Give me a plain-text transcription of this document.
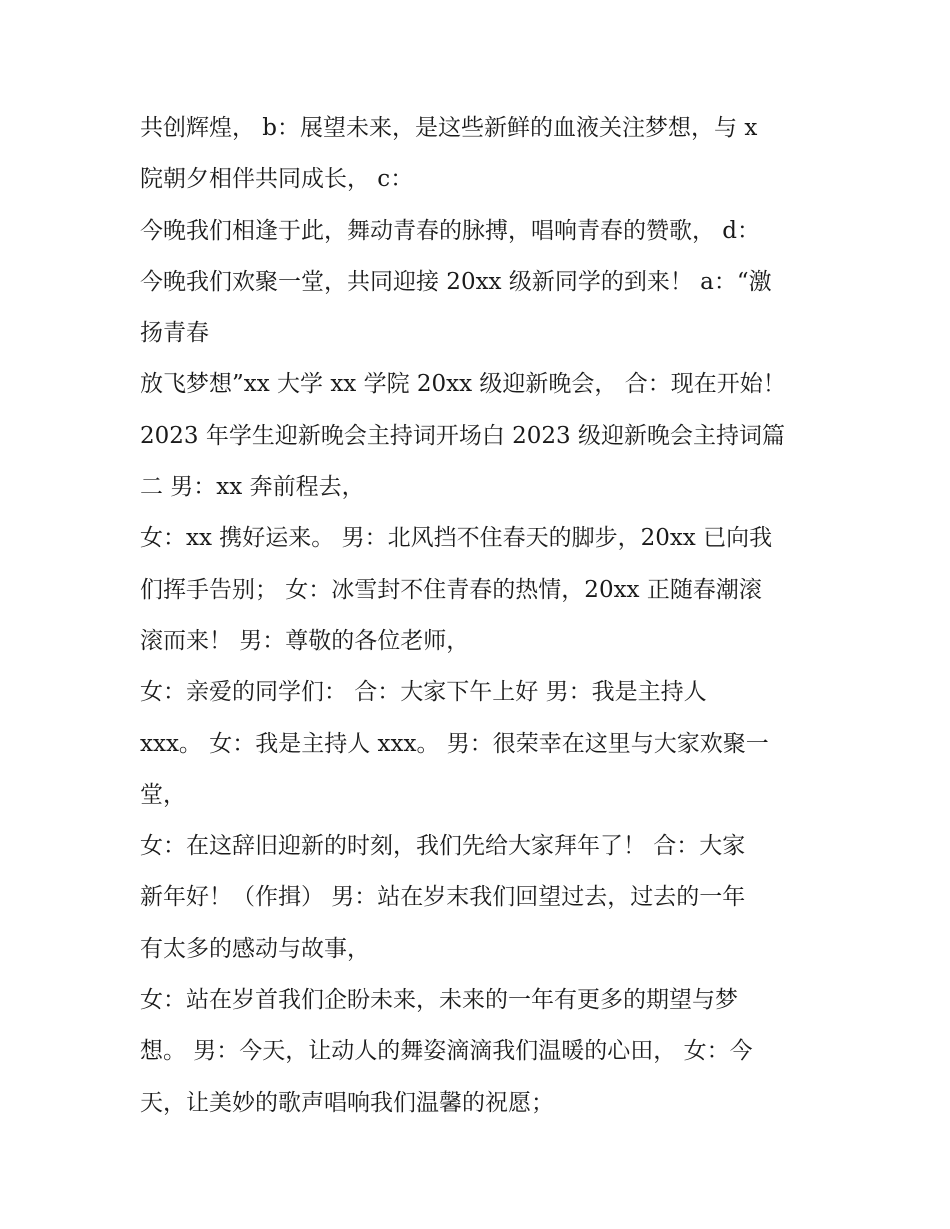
共创辉煌， b：展望未来，是这些新鲜的血液关注梦想，与 x
院朝夕相伴共同成长， c：
今晚我们相逢于此，舞动青春的脉搏，唱响青春的赞歌， d：
今晚我们欢聚一堂，共同迎接 20xx 级新同学的到来！ a：“激
扬青春
放飞梦想”xx 大学 xx 学院 20xx 级迎新晚会， 合：现在开始！
2023 年学生迎新晚会主持词开场白 2023 级迎新晚会主持词篇
二 男：xx 奔前程去，
女：xx 携好运来。 男：北风挡不住春天的脚步，20xx 已向我
们挥手告别； 女：冰雪封不住青春的热情，20xx 正随春潮滚
滚而来！ 男：尊敬的各位老师，
女：亲爱的同学们： 合：大家下午上好 男：我是主持人
xxx。 女：我是主持人 xxx。 男：很荣幸在这里与大家欢聚一
堂，
女：在这辞旧迎新的时刻，我们先给大家拜年了！ 合：大家
新年好！（作揖） 男：站在岁末我们回望过去，过去的一年
有太多的感动与故事，
女：站在岁首我们企盼未来，未来的一年有更多的期望与梦
想。 男：今天，让动人的舞姿滴滴我们温暖的心田， 女：今
天，让美妙的歌声唱响我们温馨的祝愿；
